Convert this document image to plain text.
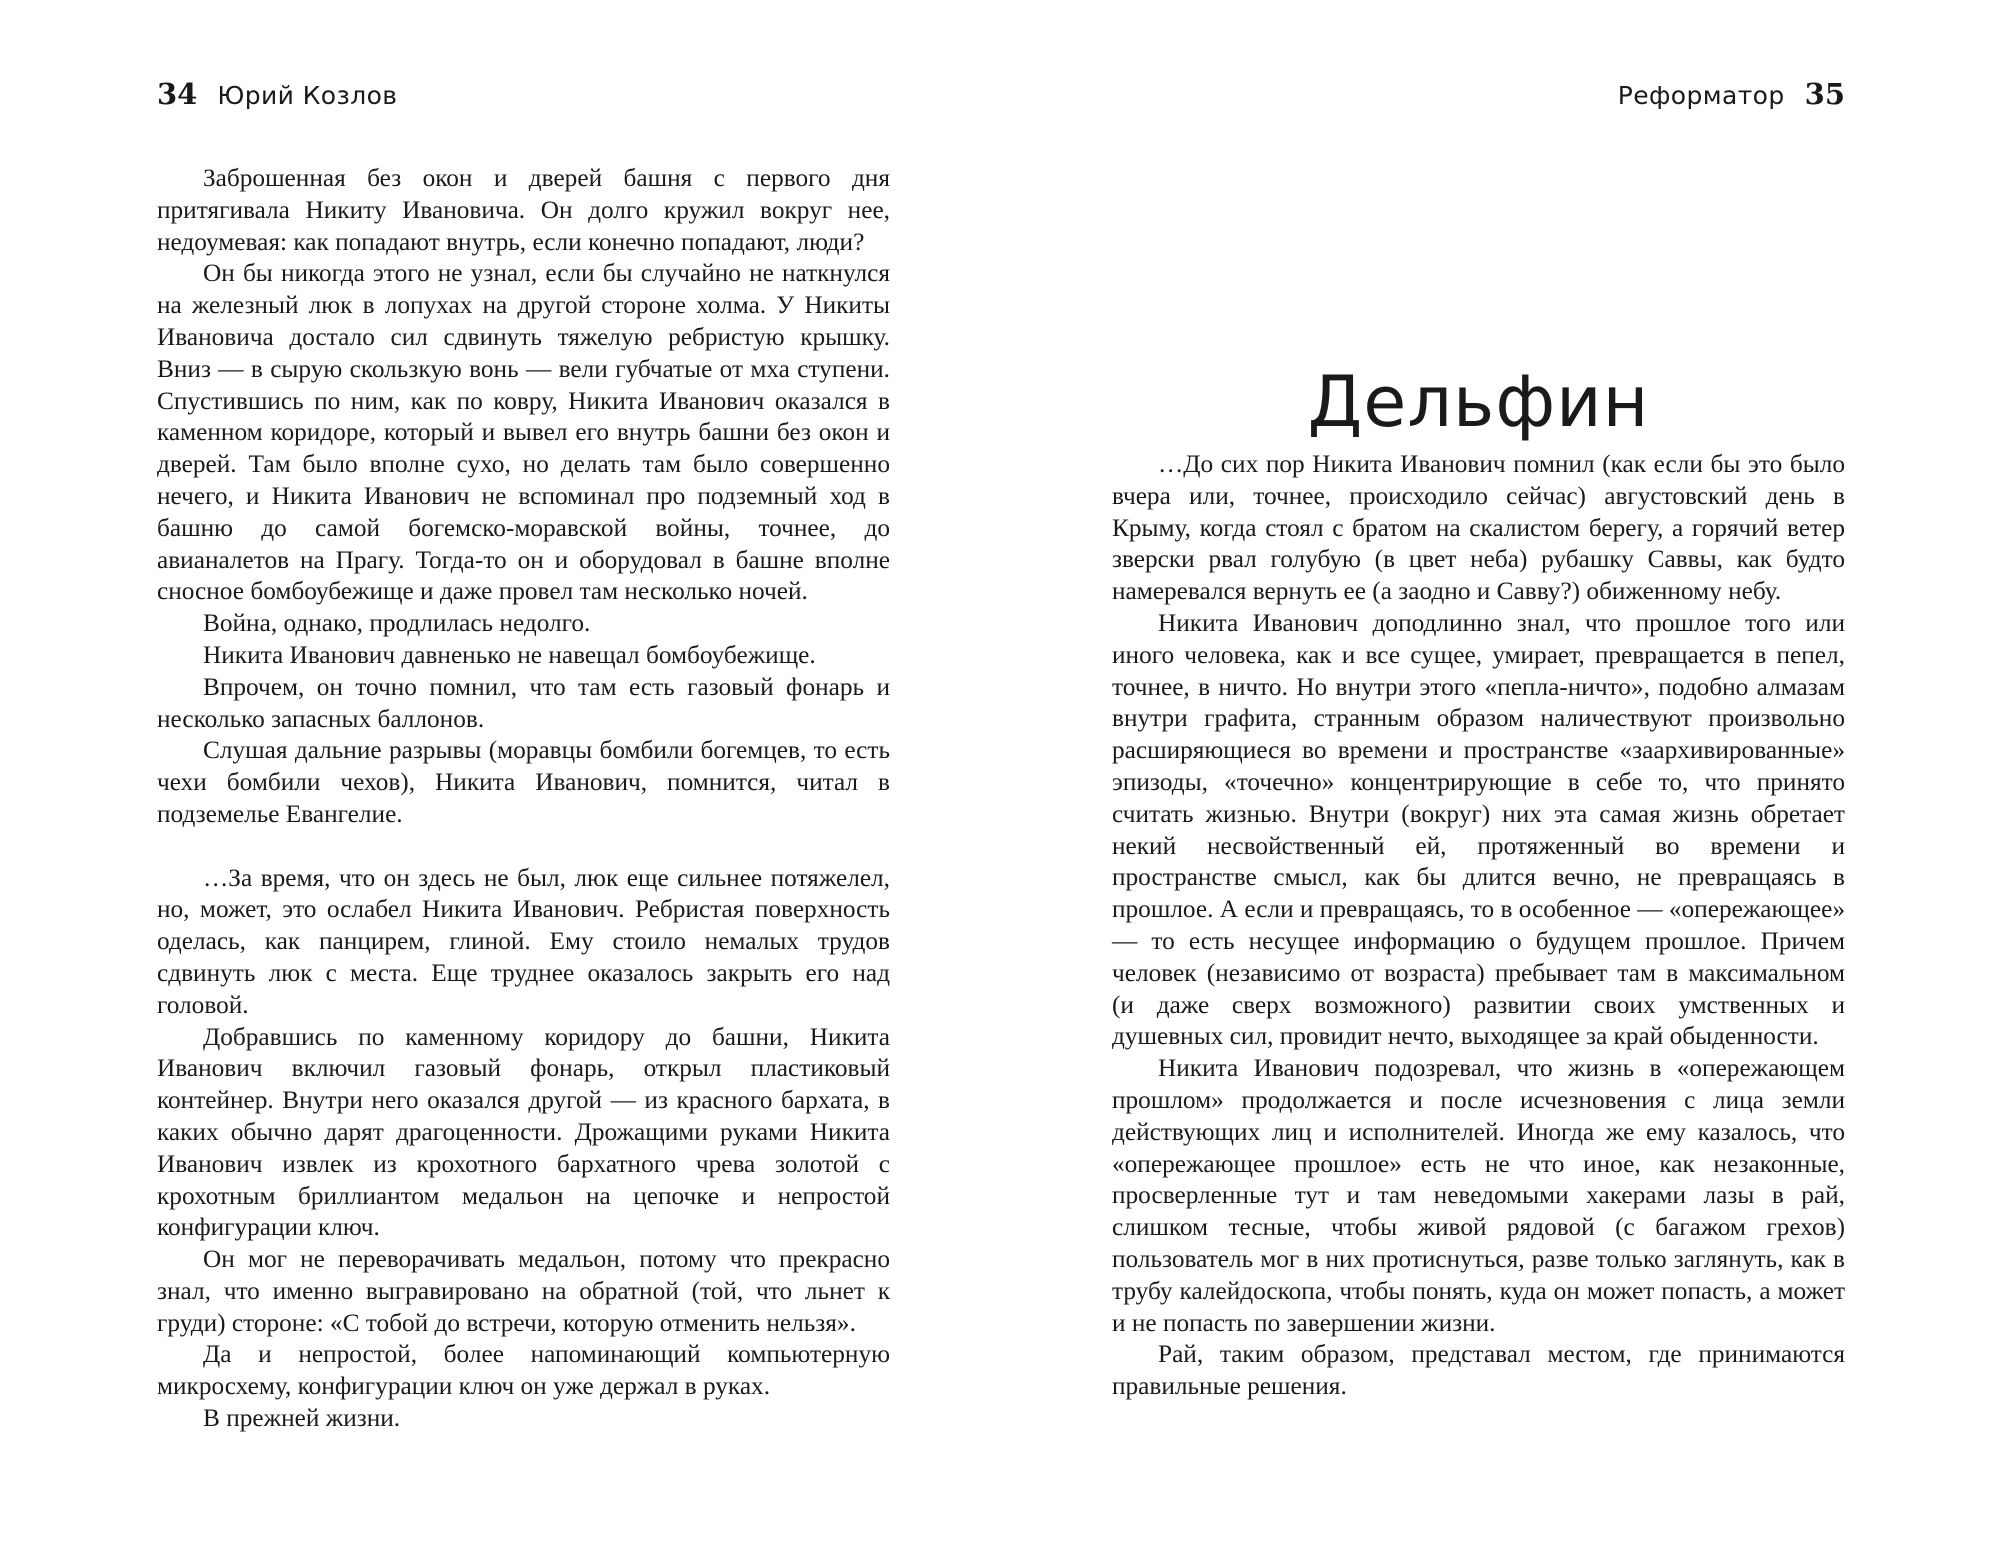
34 Юрий Козлов

Заброшенная без окон и дверей башня с первого дня притягивала Никиту Ивановича. Он долго кружил вокруг нее, недоумевая: как попадают внутрь, если конечно попадают, люди?

Он бы никогда этого не узнал, если бы случайно не наткнулся на железный люк в лопухах на другой стороне холма. У Никиты Ивановича достало сил сдвинуть тяжелую ребристую крышку. Вниз — в сырую скользкую вонь — вели губчатые от мха ступени. Спустившись по ним, как по ковру, Никита Иванович оказался в каменном коридоре, который и вывел его внутрь башни без окон и дверей. Там было вполне сухо, но делать там было совершенно нечего, и Никита Иванович не вспоминал про подземный ход в башню до самой богемско-моравской войны, точнее, до авианалетов на Прагу. Тогда-то он и оборудовал в башне вполне сносное бомбоубежище и даже провел там несколько ночей.

Война, однако, продлилась недолго.

Никита Иванович давненько не навещал бомбоубежище.

Впрочем, он точно помнил, что там есть газовый фонарь и несколько запасных баллонов.

Слушая дальние разрывы (моравцы бомбили богемцев, то есть чехи бомбили чехов), Никита Иванович, помнится, читал в подземелье Евангелие.

…За время, что он здесь не был, люк еще сильнее потяжелел, но, может, это ослабел Никита Иванович. Ребристая поверхность оделась, как панцирем, глиной. Ему стоило немалых трудов сдвинуть люк с места. Еще труднее оказалось закрыть его над головой.

Добравшись по каменному коридору до башни, Никита Иванович включил газовый фонарь, открыл пластиковый контейнер. Внутри него оказался другой — из красного бархата, в каких обычно дарят драгоценности. Дрожащими руками Никита Иванович извлек из крохотного бархатного чрева золотой с крохотным бриллиантом медальон на цепочке и непростой конфигурации ключ.

Он мог не переворачивать медальон, потому что прекрасно знал, что именно выгравировано на обратной (той, что льнет к груди) стороне: «С тобой до встречи, которую отменить нельзя».

Да и непростой, более напоминающий компьютерную микросхему, конфигурации ключ он уже держал в руках.

В прежней жизни.

Реформатор 35
Дельфин

…До сих пор Никита Иванович помнил (как если бы это было вчера или, точнее, происходило сейчас) августовский день в Крыму, когда стоял с братом на скалистом берегу, а горячий ветер зверски рвал голубую (в цвет неба) рубашку Саввы, как будто намеревался вернуть ее (а заодно и Савву?) обиженному небу.

Никита Иванович доподлинно знал, что прошлое того или иного человека, как и все сущее, умирает, превращается в пепел, точнее, в ничто. Но внутри этого «пепла-ничто», подобно алмазам внутри графита, странным образом наличествуют произвольно расширяющиеся во времени и пространстве «заархивированные» эпизоды, «точечно» концентрирующие в себе то, что принято считать жизнью. Внутри (вокруг) них эта самая жизнь обретает некий несвойственный ей, протяженный во времени и пространстве смысл, как бы длится вечно, не превращаясь в прошлое. А если и превращаясь, то в особенное — «опережающее» — то есть несущее информацию о будущем прошлое. Причем человек (независимо от возраста) пребывает там в максимальном (и даже сверх возможного) развитии своих умственных и душевных сил, провидит нечто, выходящее за край обыденности.

Никита Иванович подозревал, что жизнь в «опережающем прошлом» продолжается и после исчезновения с лица земли действующих лиц и исполнителей. Иногда же ему казалось, что «опережающее прошлое» есть не что иное, как незаконные, просверленные тут и там неведомыми хакерами лазы в рай, слишком тесные, чтобы живой рядовой (с багажом грехов) пользователь мог в них протиснуться, разве только заглянуть, как в трубу калейдоскопа, чтобы понять, куда он может попасть, а может и не попасть по завершении жизни.

Рай, таким образом, представал местом, где принимаются правильные решения.
